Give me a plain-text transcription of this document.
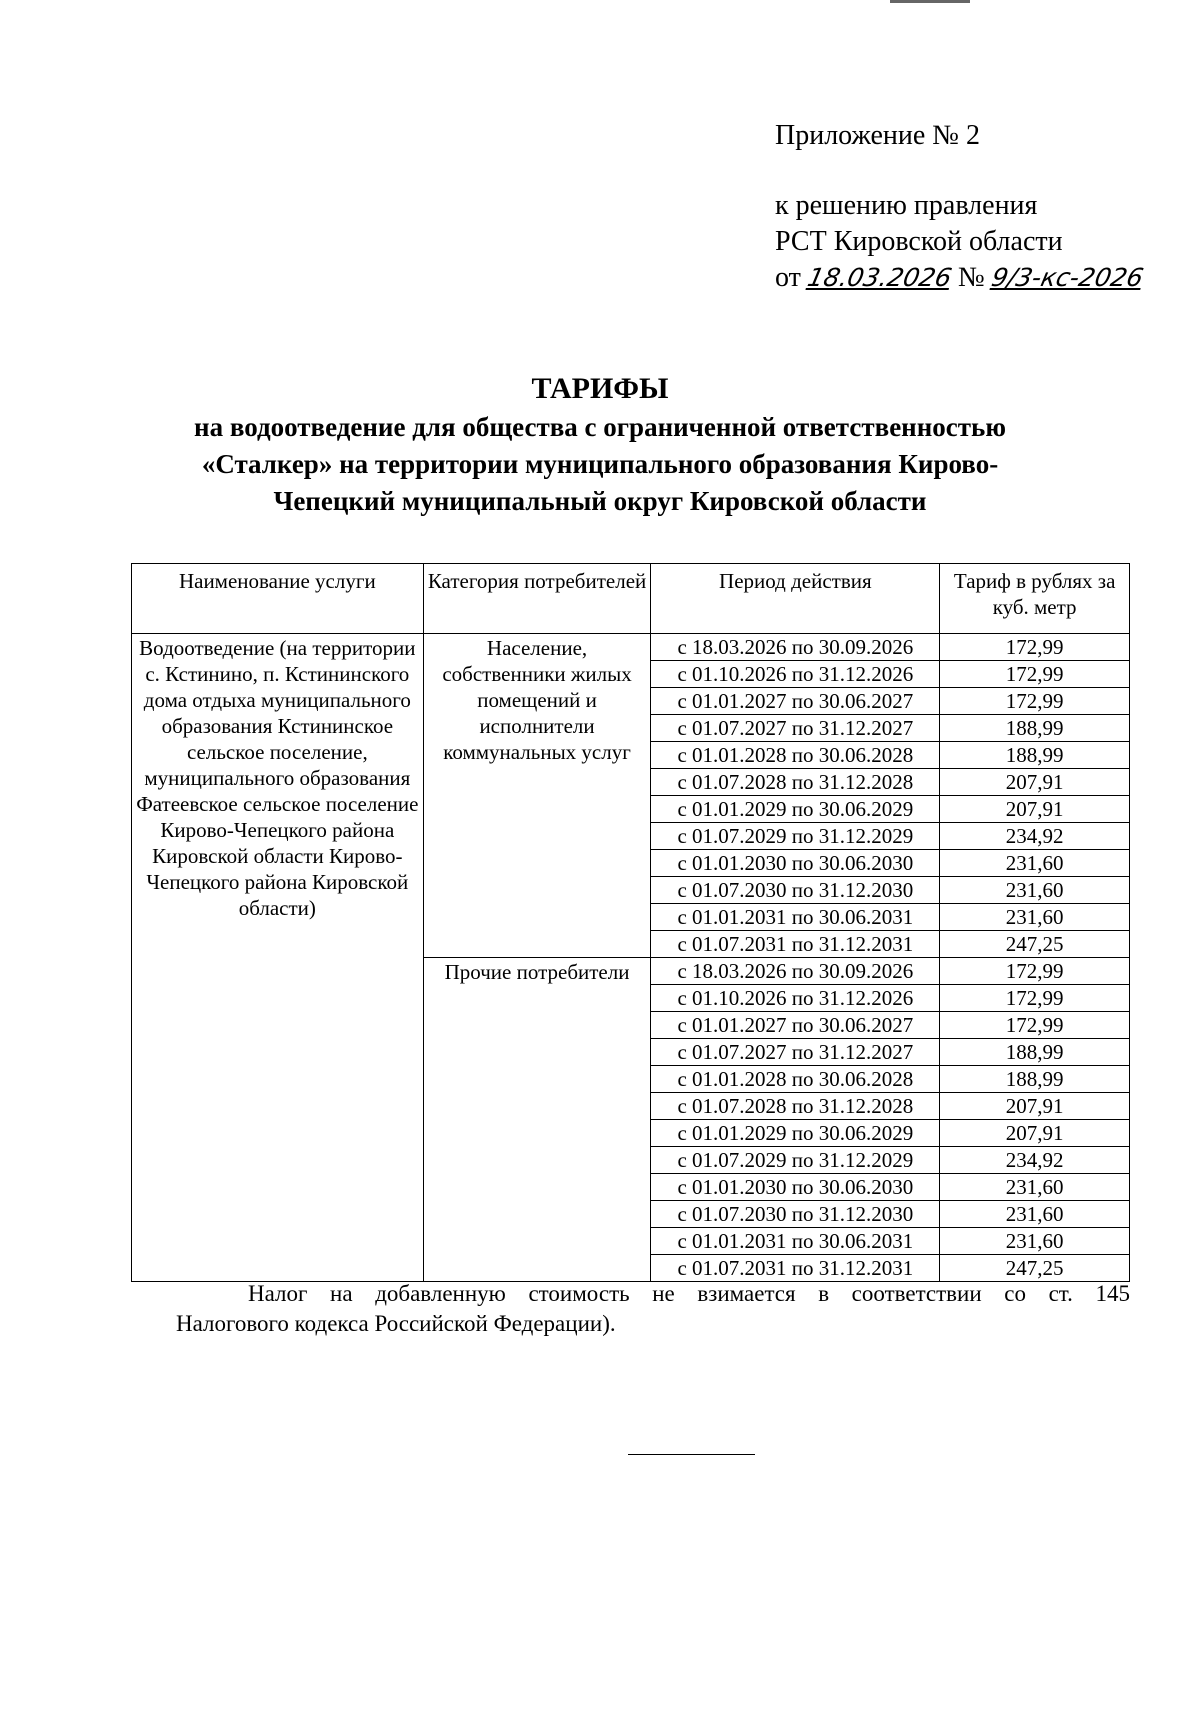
Приложение № 2
к решению правления
РСТ Кировской области
от 18.03.2026 № 9/3-кс-2026
ТАРИФЫ
на водоотведение для общества с ограниченной ответственностью
«Сталкер» на территории муниципального образования Кирово-
Чепецкий муниципальный округ Кировской области
Наименование услуги	Категория потребителей	Период действия	Тариф в рублях за куб. метр
Водоотведение (на территории с. Кстинино, п. Кстининского дома отдыха муниципального образования Кстининское сельское поселение, муниципального образования Фатеевское сельское поселение Кирово-Чепецкого района Кировской области Кирово-Чепецкого района Кировской области)	Население, собственники жилых помещений и исполнители коммунальных услуг	с 18.03.2026 по 30.09.2026	172,99
		с 01.10.2026 по 31.12.2026	172,99
		с 01.01.2027 по 30.06.2027	172,99
		с 01.07.2027 по 31.12.2027	188,99
		с 01.01.2028 по 30.06.2028	188,99
		с 01.07.2028 по 31.12.2028	207,91
		с 01.01.2029 по 30.06.2029	207,91
		с 01.07.2029 по 31.12.2029	234,92
		с 01.01.2030 по 30.06.2030	231,60
		с 01.07.2030 по 31.12.2030	231,60
		с 01.01.2031 по 30.06.2031	231,60
		с 01.07.2031 по 31.12.2031	247,25
	Прочие потребители	с 18.03.2026 по 30.09.2026	172,99
		с 01.10.2026 по 31.12.2026	172,99
		с 01.01.2027 по 30.06.2027	172,99
		с 01.07.2027 по 31.12.2027	188,99
		с 01.01.2028 по 30.06.2028	188,99
		с 01.07.2028 по 31.12.2028	207,91
		с 01.01.2029 по 30.06.2029	207,91
		с 01.07.2029 по 31.12.2029	234,92
		с 01.01.2030 по 30.06.2030	231,60
		с 01.07.2030 по 31.12.2030	231,60
		с 01.01.2031 по 30.06.2031	231,60
		с 01.07.2031 по 31.12.2031	247,25
Налог на добавленную стоимость не взимается в соответствии со ст. 145
Налогового кодекса Российской Федерации).
